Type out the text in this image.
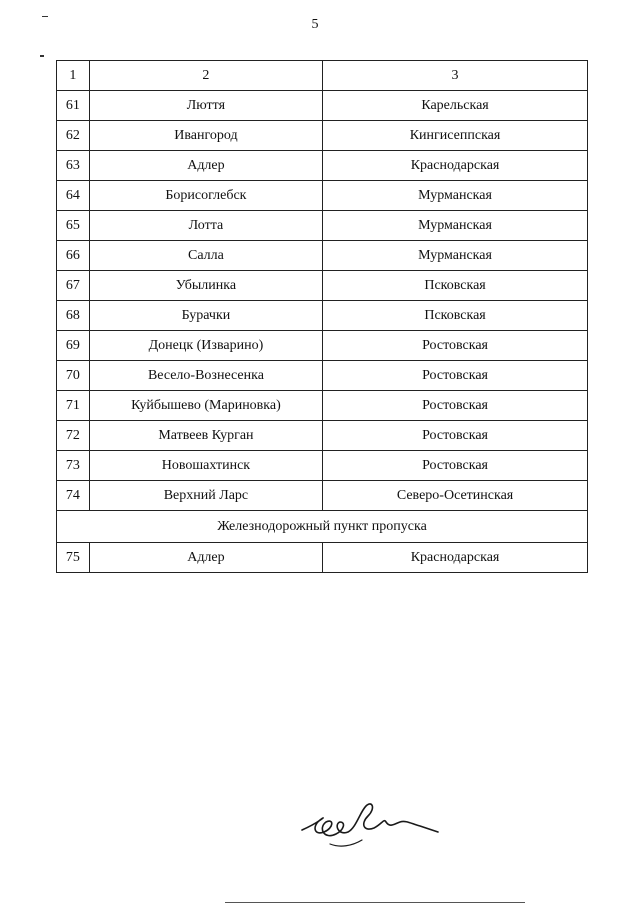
5
1	2	3
61	Люття	Карельская
62	Ивангород	Кингисеппская
63	Адлер	Краснодарская
64	Борисоглебск	Мурманская
65	Лотта	Мурманская
66	Салла	Мурманская
67	Убылинка	Псковская
68	Бурачки	Псковская
69	Донецк (Изварино)	Ростовская
70	Весело-Вознесенка	Ростовская
71	Куйбышево (Мариновка)	Ростовская
72	Матвеев Курган	Ростовская
73	Новошахтинск	Ростовская
74	Верхний Ларс	Северо-Осетинская
Железнодорожный пункт пропуска		
75	Адлер	Краснодарская
